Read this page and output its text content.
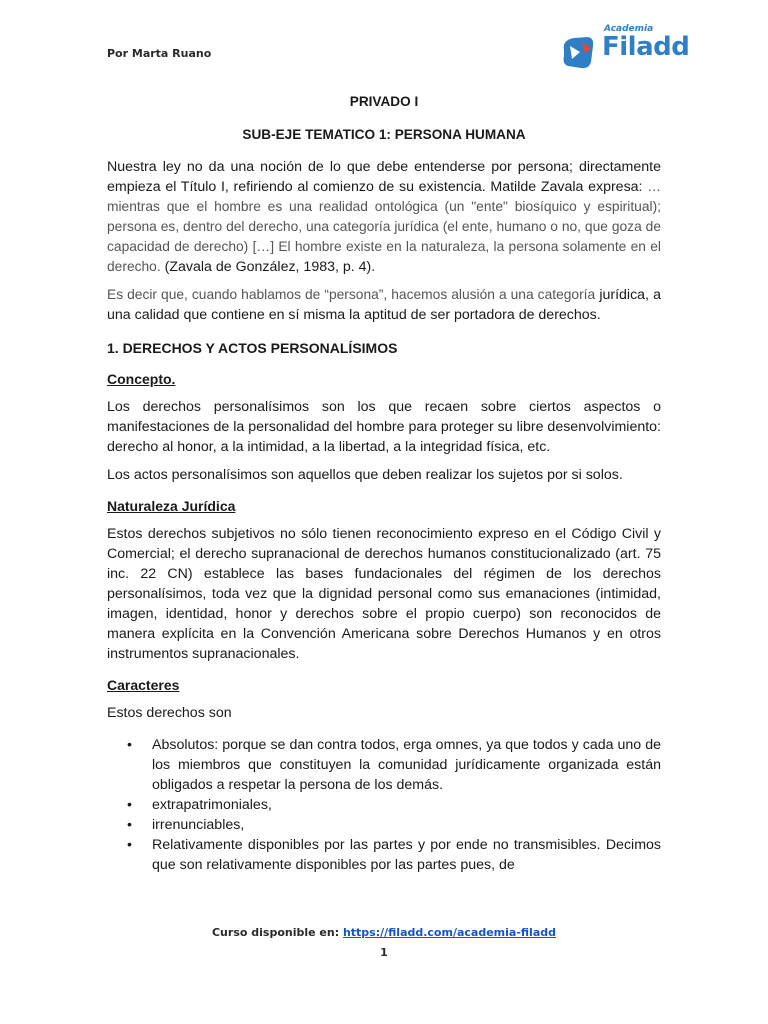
Por Marta Ruano
Academia
Filadd
PRIVADO I
SUB-EJE TEMATICO 1: PERSONA HUMANA

Nuestra ley no da una noción de lo que debe entenderse por persona; directamente empieza el Título I, refiriendo al comienzo de su existencia. Matilde Zavala expresa: …mientras que el hombre es una realidad ontológica (un "ente" biosíquico y espiritual); persona es, dentro del derecho, una categoría jurídica (el ente, humano o no, que goza de capacidad de derecho) […] El hombre existe en la naturaleza, la persona solamente en el derecho. (Zavala de González, 1983, p. 4).

Es decir que, cuando hablamos de “persona”, hacemos alusión a una categoría jurídica, a una calidad que contiene en sí misma la aptitud de ser portadora de derechos.

1. DERECHOS Y ACTOS PERSONALÍSIMOS
Concepto.

Los derechos personalísimos son los que recaen sobre ciertos aspectos o manifestaciones de la personalidad del hombre para proteger su libre desenvolvimiento: derecho al honor, a la intimidad, a la libertad, a la integridad física, etc.

Los actos personalísimos son aquellos que deben realizar los sujetos por si solos.

Naturaleza Jurídica

Estos derechos subjetivos no sólo tienen reconocimiento expreso en el Código Civil y Comercial; el derecho supranacional de derechos humanos constitucionalizado (art. 75 inc. 22 CN) establece las bases fundacionales del régimen de los derechos personalísimos, toda vez que la dignidad personal como sus emanaciones (intimidad, imagen, identidad, honor y derechos sobre el propio cuerpo) son reconocidos de manera explícita en la Convención Americana sobre Derechos Humanos y en otros instrumentos supranacionales.

Caracteres

Estos derechos son

• Absolutos: porque se dan contra todos, erga omnes, ya que todos y cada uno de los miembros que constituyen la comunidad jurídicamente organizada están obligados a respetar la persona de los demás.
• extrapatrimoniales,
• irrenunciables,
• Relativamente disponibles por las partes y por ende no transmisibles. Decimos que son relativamente disponibles por las partes pues, de
Curso disponible en: https://filadd.com/academia-filadd
1
